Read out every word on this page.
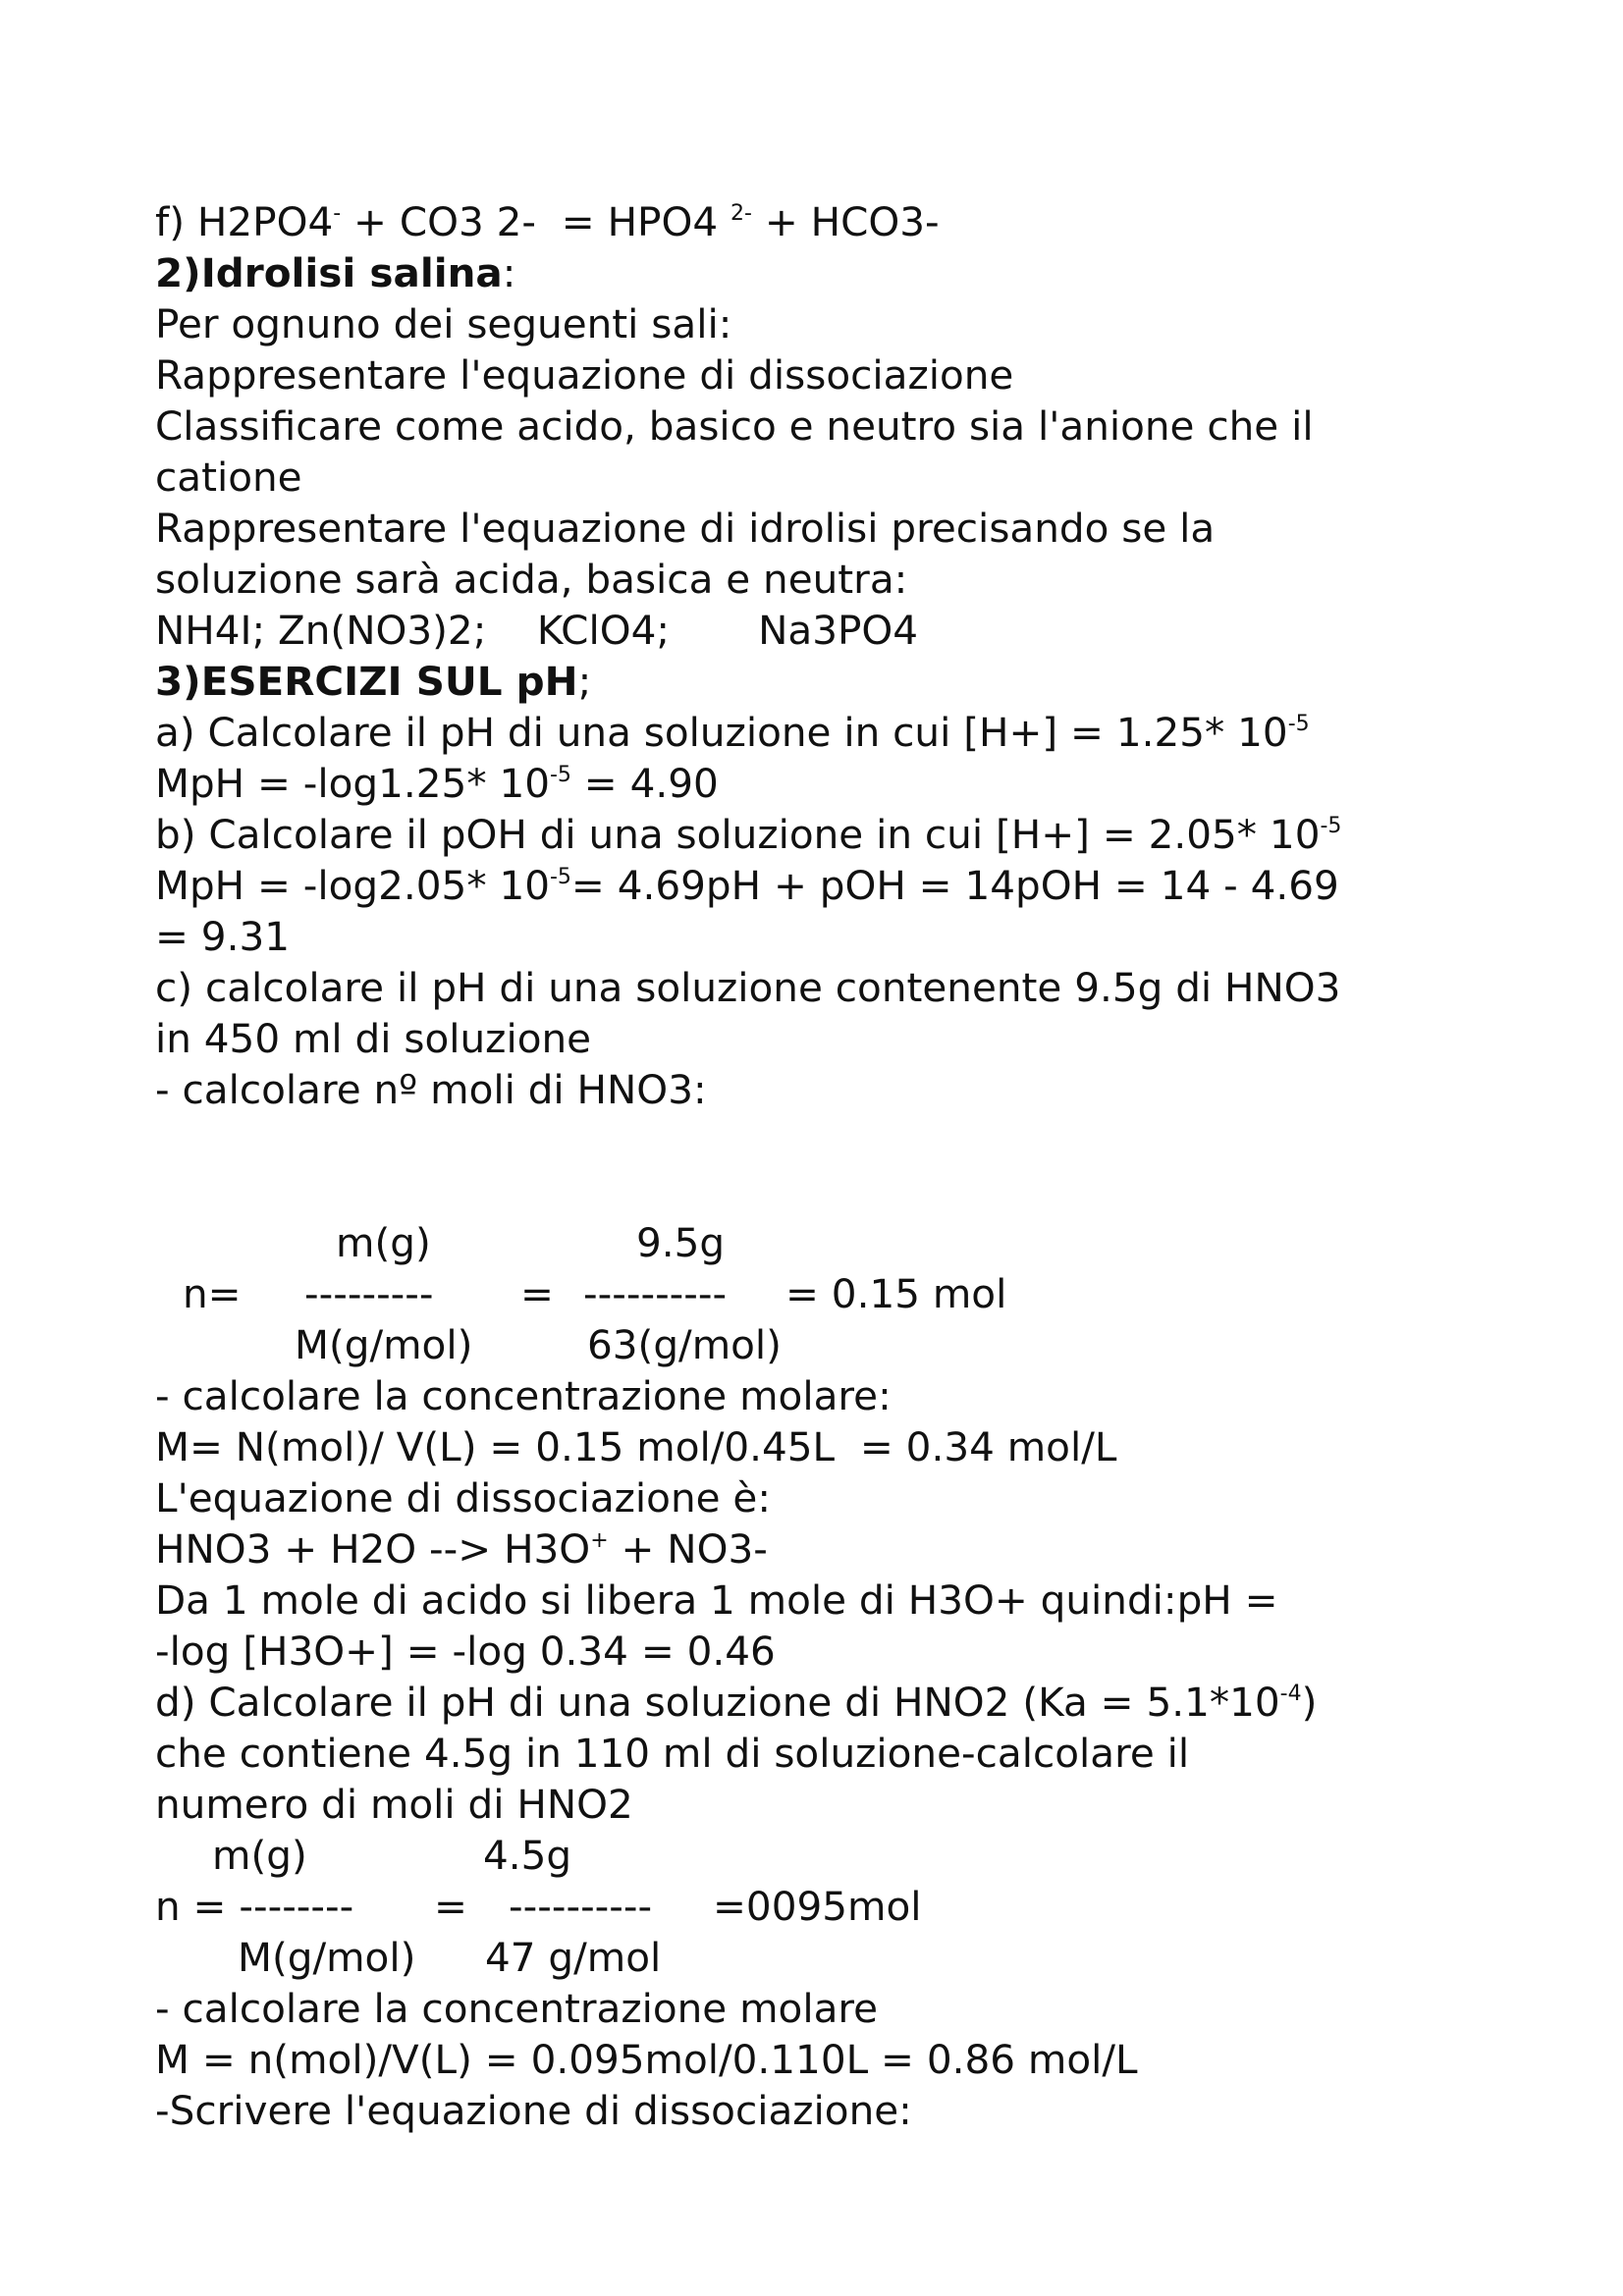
f) H2PO4- + CO3 2-  = HPO4 $^{2-}$ + HCO3-

2)Idrolisi salina:

Per ognuno dei seguenti sali:

Rappresentare l'equazione di dissociazione

Classificare come acido, basico e neutro sia l'anione che il

catione

Rappresentare l'equazione di idrolisi precisando se la

soluzione sarà acida, basica e neutra:

NH4I; Zn(NO3)2;    KClO4;       Na3PO4

3)ESERCIZI SUL pH;

a) Calcolare il pH di una soluzione in cui [H+] = 1.25* $10^{-5}$

MpH = -log1.25* $10^{-5} = 4.90$

b) Calcolare il pOH di una soluzione in cui [H+] = 2.05* $10^{-5}$

MpH = -log2.05* $10^{-5}= 4.69pH$ + pOH = 14pOH = 14 - 4.69

= 9.31

c) calcolare il pH di una soluzione contenente 9.5g di HNO3

in 450 ml di soluzione

- calcolare nº moli di HNO3:

m(g)	9.5g
n= --------- = ---------- = 0.15 mol
M(g/mol)	63(g/mol)

- calcolare la concentrazione molare:

M= N(mol)/ V(L) = 0.15 mol/0.45L  = 0.34 mol/L

L'equazione di dissociazione è:

HNO3 + H2O --> H3O+ + NO3-

Da 1 mole di acido si libera 1 mole di H3O+ quindi:pH =

-log [H3O+] = -log 0.34 = 0.46

d) Calcolare il pH di una soluzione di HNO2 $(Ka = 5.1*10^{-4})$

che contiene 4.5g in 110 ml di soluzione-calcolare il

numero di moli di HNO2

m(g)	4.5g
n = -------- = ---------- =0095mol
M(g/mol) 47 g/mol

- calcolare la concentrazione molare

M = n(mol)/V(L) = 0.095mol/0.110L = 0.86 mol/L

-Scrivere l'equazione di dissociazione:
